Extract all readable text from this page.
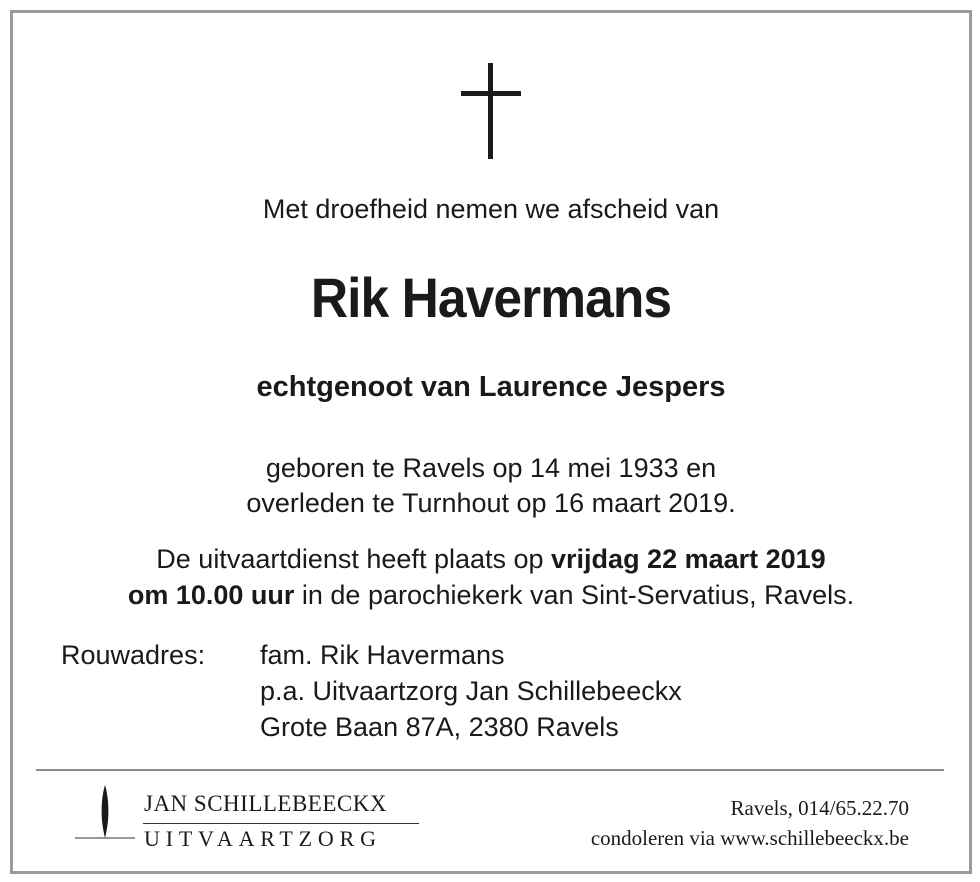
Met droefheid nemen we afscheid van
Rik Havermans
echtgenoot van Laurence Jespers
geboren te Ravels op 14 mei 1933 en
overleden te Turnhout op 16 maart 2019.
De uitvaartdienst heeft plaats op vrijdag 22 maart 2019
om 10.00 uur in de parochiekerk van Sint-Servatius, Ravels.
Rouwadres: fam. Rik Havermans
p.a. Uitvaartzorg Jan Schillebeeckx
Grote Baan 87A, 2380 Ravels
JAN SCHILLEBEECKX
UITVAARTZORG
Ravels, 014/65.22.70
condoleren via www.schillebeeckx.be
